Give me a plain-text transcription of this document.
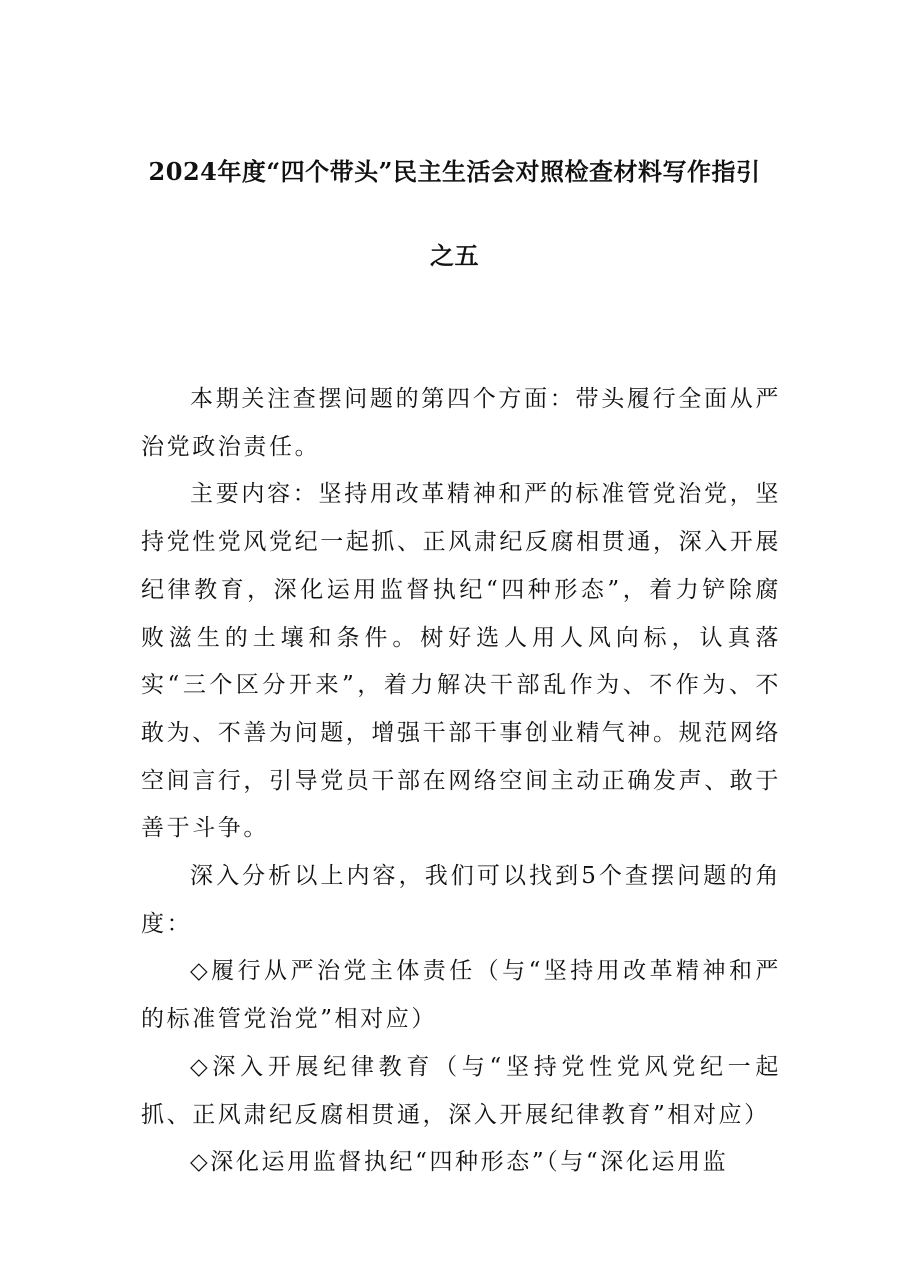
2024年度“四个带头”民主生活会对照检查材料写作指引
之五

本期关注查摆问题的第四个方面：带头履行全面从严治党政治责任。

主要内容：坚持用改革精神和严的标准管党治党，坚持党性党风党纪一起抓、正风肃纪反腐相贯通，深入开展纪律教育，深化运用监督执纪“四种形态”，着力铲除腐败滋生的土壤和条件。树好选人用人风向标，认真落实“三个区分开来”，着力解决干部乱作为、不作为、不敢为、不善为问题，增强干部干事创业精气神。规范网络空间言行，引导党员干部在网络空间主动正确发声、敢于善于斗争。

深入分析以上内容，我们可以找到5个查摆问题的角度：

◇履行从严治党主体责任（与“坚持用改革精神和严的标准管党治党”相对应）

◇深入开展纪律教育（与“坚持党性党风党纪一起抓、正风肃纪反腐相贯通，深入开展纪律教育”相对应）

◇深化运用监督执纪“四种形态”（与“深化运用监
